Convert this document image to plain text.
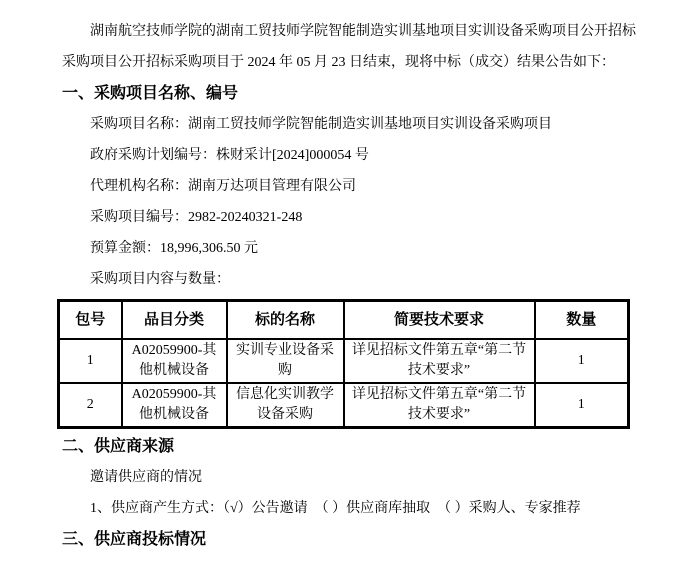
湖南航空技师学院的湖南工贸技师学院智能制造实训基地项目实训设备采购项目公开招标采购项目公开招标采购项目于 2024 年 05 月 23 日结束，现将中标（成交）结果公告如下：

一、采购项目名称、编号

采购项目名称：湖南工贸技师学院智能制造实训基地项目实训设备采购项目

政府采购计划编号：株财采计[2024]000054 号

代理机构名称：湖南万达项目管理有限公司

采购项目编号：2982-20240321-248

预算金额：18,996,306.50 元

采购项目内容与数量：

包号	品目分类	标的名称	简要技术要求	数量
1	A02059900-其他机械设备	实训专业设备采购	详见招标文件第五章“第二节 技术要求”	1
2	A02059900-其他机械设备	信息化实训教学设备采购	详见招标文件第五章“第二节 技术要求”	1
二、供应商来源

邀请供应商的情况

1、供应商产生方式：（√）公告邀请　（ ）供应商库抽取　（ ）采购人、专家推荐

三、供应商投标情况
